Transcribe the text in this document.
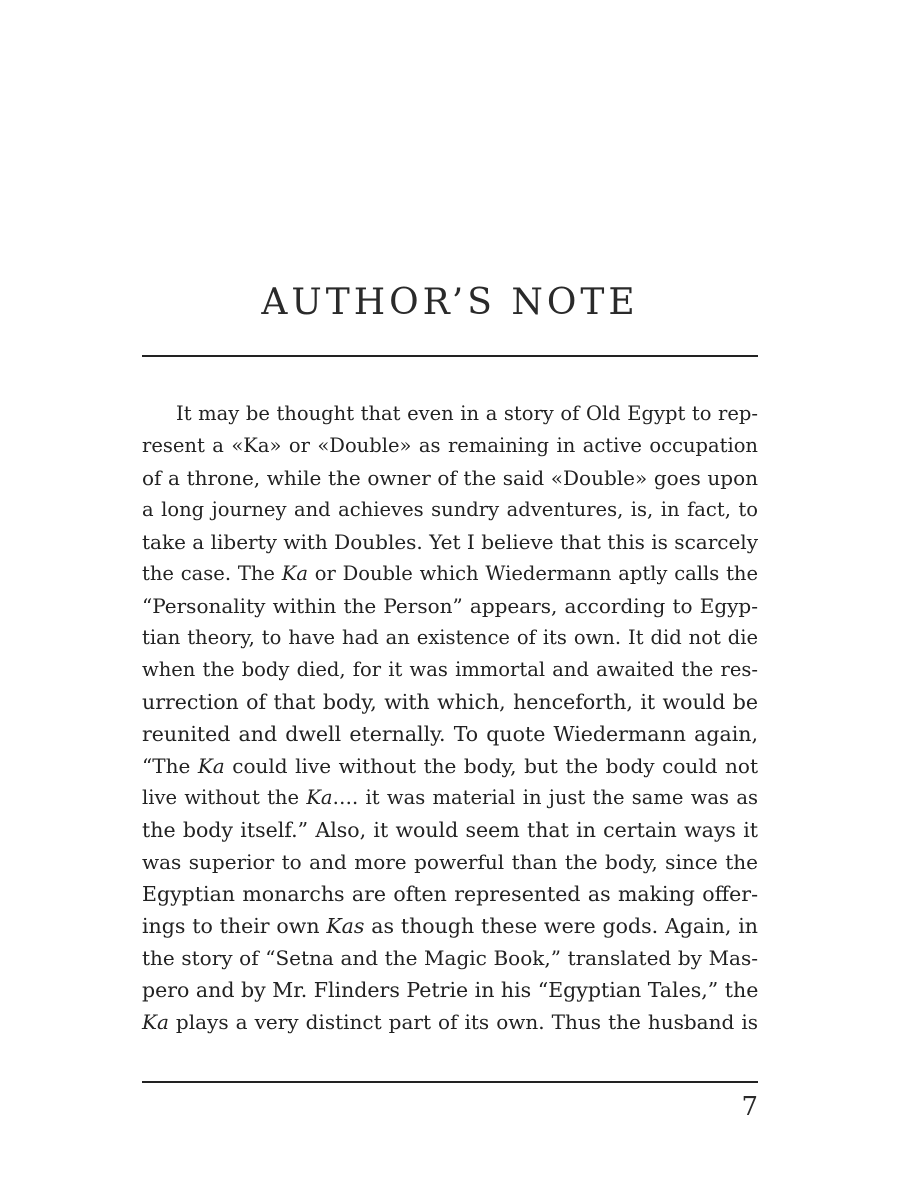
AUTHOR’S NOTE
It may be thought that even in a story of Old Egypt to rep-
resent a «Ka» or «Double» as remaining in active occupation
of a throne, while the owner of the said «Double» goes upon
a long journey and achieves sundry adventures, is, in fact, to
take a liberty with Doubles. Yet I believe that this is scarcely
the case. The Ka or Double which Wiedermann aptly calls the
“Personality within the Person” appears, according to Egyp-
tian theory, to have had an existence of its own. It did not die
when the body died, for it was immortal and awaited the res-
urrection of that body, with which, henceforth, it would be
reunited and dwell eternally. To quote Wiedermann again,
“The Ka could live without the body, but the body could not
live without the Ka…. it was material in just the same was as
the body itself.” Also, it would seem that in certain ways it
was superior to and more powerful than the body, since the
Egyptian monarchs are often represented as making offer-
ings to their own Kas as though these were gods. Again, in
the story of “Setna and the Magic Book,” translated by Mas-
pero and by Mr. Flinders Petrie in his “Egyptian Tales,” the
Ka plays a very distinct part of its own. Thus the husband is
7
